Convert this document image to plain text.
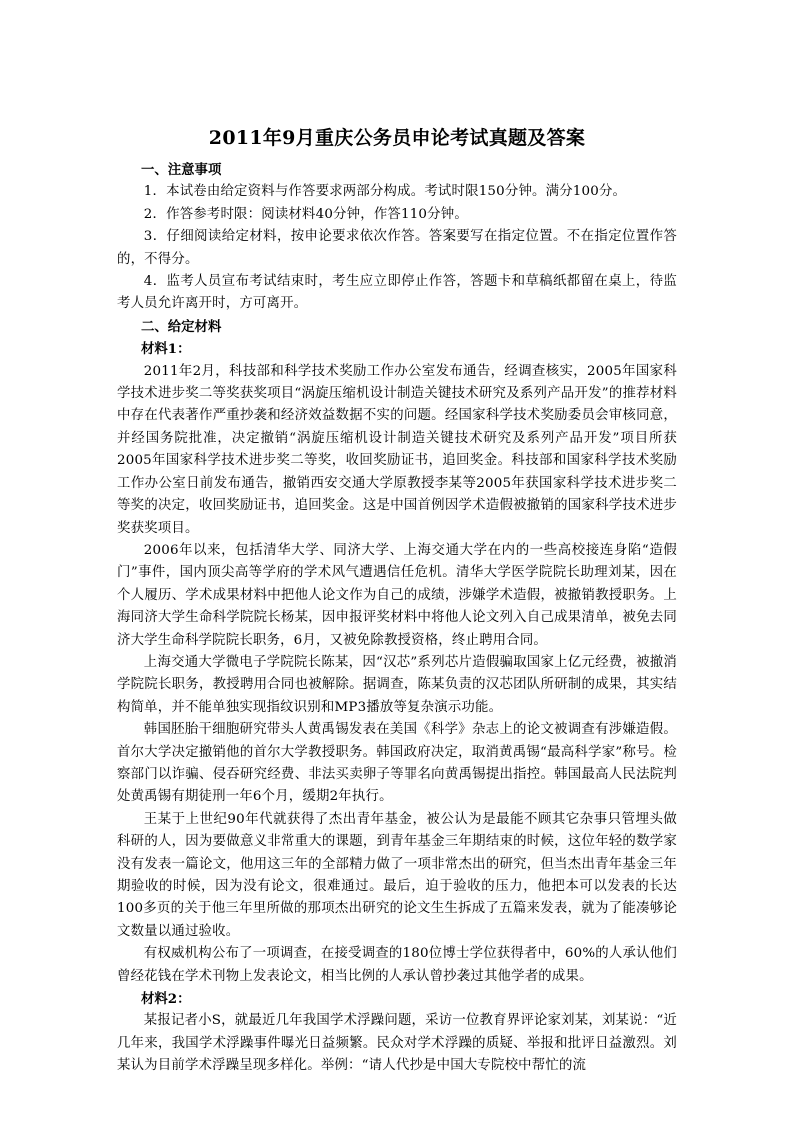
2011年9月重庆公务员申论考试真题及答案

一、注意事项

1．本试卷由给定资料与作答要求两部分构成。考试时限150分钟。满分100分。

2．作答参考时限：阅读材料40分钟，作答110分钟。

3．仔细阅读给定材料，按申论要求依次作答。答案要写在指定位置。不在指定位置作答的，不得分。

4．监考人员宣布考试结束时，考生应立即停止作答，答题卡和草稿纸都留在桌上，待监考人员允许离开时，方可离开。

二、给定材料

材料1：

2011年2月，科技部和科学技术奖励工作办公室发布通告，经调查核实，2005年国家科学技术进步奖二等奖获奖项目“涡旋压缩机设计制造关键技术研究及系列产品开发”的推荐材料中存在代表著作严重抄袭和经济效益数据不实的问题。经国家科学技术奖励委员会审核同意，并经国务院批准，决定撤销“涡旋压缩机设计制造关键技术研究及系列产品开发”项目所获2005年国家科学技术进步奖二等奖，收回奖励证书，追回奖金。科技部和国家科学技术奖励工作办公室日前发布通告，撤销西安交通大学原教授李某等2005年获国家科学技术进步奖二等奖的决定，收回奖励证书，追回奖金。这是中国首例因学术造假被撤销的国家科学技术进步奖获奖项目。

2006年以来，包括清华大学、同济大学、上海交通大学在内的一些高校接连身陷“造假门”事件，国内顶尖高等学府的学术风气遭遇信任危机。清华大学医学院院长助理刘某，因在个人履历、学术成果材料中把他人论文作为自己的成绩，涉嫌学术造假，被撤销教授职务。上海同济大学生命科学院院长杨某，因申报评奖材料中将他人论文列入自己成果清单，被免去同济大学生命科学院院长职务，6月，又被免除教授资格，终止聘用合同。

上海交通大学微电子学院院长陈某，因“汉芯”系列芯片造假骗取国家上亿元经费，被撤消学院院长职务，教授聘用合同也被解除。据调查，陈某负责的汉芯团队所研制的成果，其实结构简单，并不能单独实现指纹识别和MP3播放等复杂演示功能。

韩国胚胎干细胞研究带头人黄禹锡发表在美国《科学》杂志上的论文被调查有涉嫌造假。首尔大学决定撤销他的首尔大学教授职务。韩国政府决定，取消黄禹锡“最高科学家”称号。检察部门以诈骗、侵吞研究经费、非法买卖卵子等罪名向黄禹锡提出指控。韩国最高人民法院判处黄禹锡有期徒刑一年6个月，缓期2年执行。

王某于上世纪90年代就获得了杰出青年基金，被公认为是最能不顾其它杂事只管埋头做科研的人，因为要做意义非常重大的课题，到青年基金三年期结束的时候，这位年轻的数学家没有发表一篇论文，他用这三年的全部精力做了一项非常杰出的研究，但当杰出青年基金三年期验收的时候，因为没有论文，很难通过。最后，迫于验收的压力，他把本可以发表的长达100多页的关于他三年里所做的那项杰出研究的论文生生拆成了五篇来发表，就为了能凑够论文数量以通过验收。

有权威机构公布了一项调查，在接受调查的180位博士学位获得者中，60%的人承认他们曾经花钱在学术刊物上发表论文，相当比例的人承认曾抄袭过其他学者的成果。

材料2：

某报记者小S，就最近几年我国学术浮躁问题，采访一位教育界评论家刘某，刘某说：“近几年来，我国学术浮躁事件曝光日益频繁。民众对学术浮躁的质疑、举报和批评日益激烈。刘某认为目前学术浮躁呈现多样化。举例：“请人代抄是中国大专院校中帮忙的流
